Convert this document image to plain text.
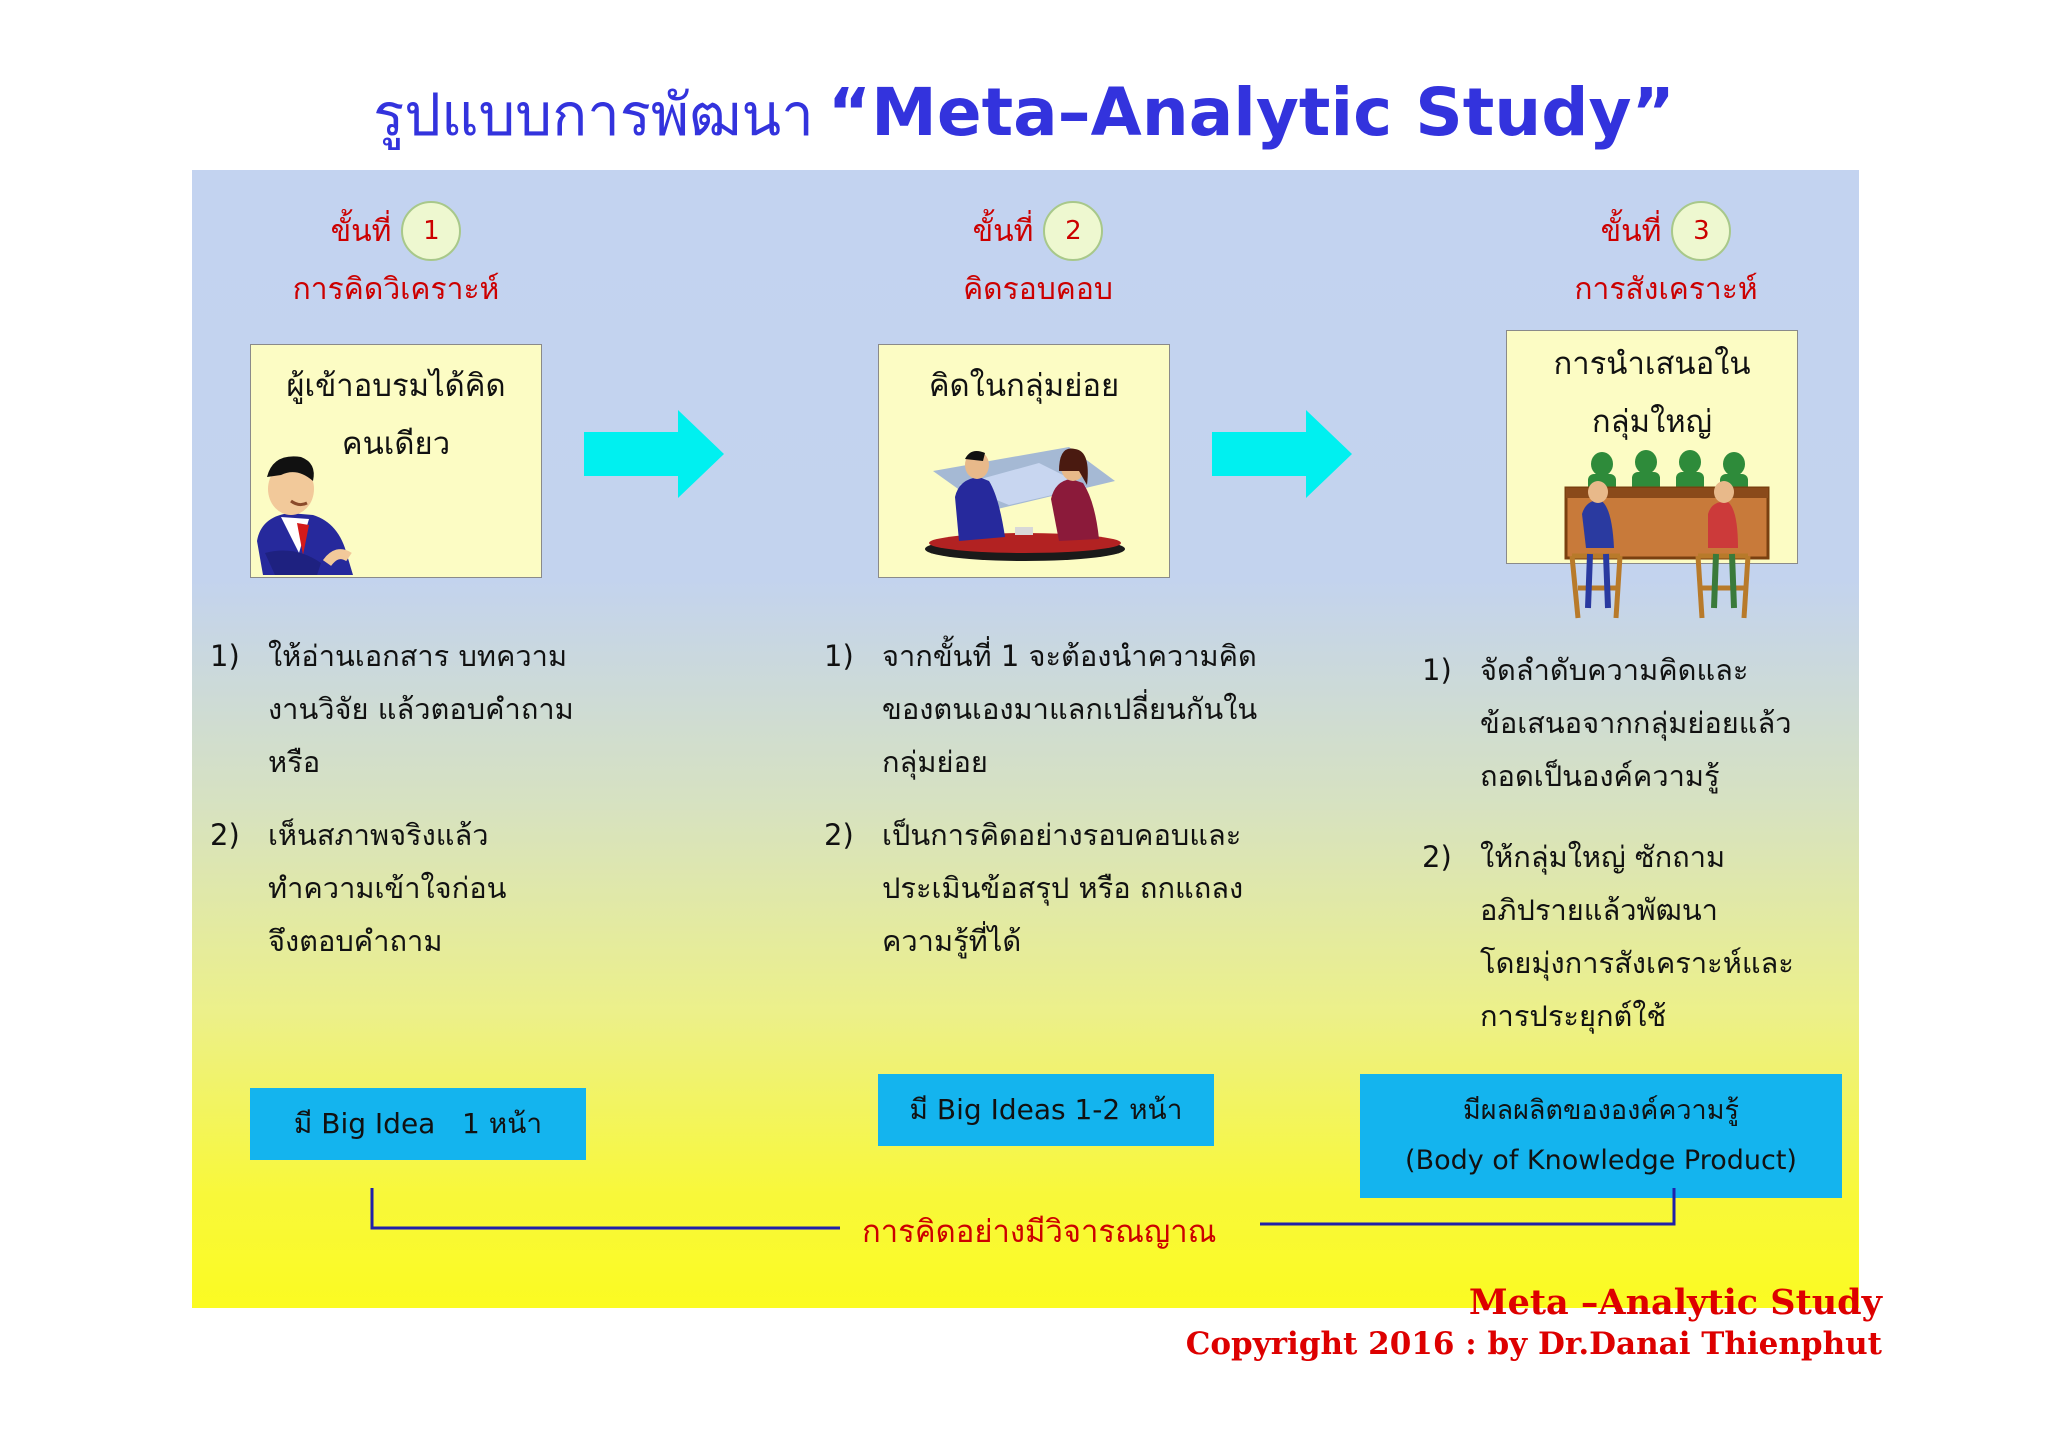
รูปแบบการพัฒนา “Meta–Analytic Study”
ขั้นที่	1
การคิดวิเคราะห์
ผู้เข้าอบรมได้คิด
คนเดียว
1) ให้อ่านเอกสาร บทความ
งานวิจัย แล้วตอบคำถาม
หรือ
2) เห็นสภาพจริงแล้ว
ทำความเข้าใจก่อน
จึงตอบคำถาม
มี Big Idea   1 หน้า
ขั้นที่	2
คิดรอบคอบ
คิดในกลุ่มย่อย
1) จากขั้นที่ 1 จะต้องนำความคิด
ของตนเองมาแลกเปลี่ยนกันใน
กลุ่มย่อย
2) เป็นการคิดอย่างรอบคอบและ
ประเมินข้อสรุป หรือ ถกแถลง
ความรู้ที่ได้
มี Big Ideas 1-2 หน้า
ขั้นที่	3
การสังเคราะห์
การนำเสนอใน
กลุ่มใหญ่
1) จัดลำดับความคิดและ
ข้อเสนอจากกลุ่มย่อยแล้ว
ถอดเป็นองค์ความรู้
2) ให้กลุ่มใหญ่ ซักถาม
อภิปรายแล้วพัฒนา
โดยมุ่งการสังเคราะห์และ
การประยุกต์ใช้
มีผลผลิตขององค์ความรู้
(Body of Knowledge Product)
การคิดอย่างมีวิจารณญาณ
Meta –Analytic Study
Copyright 2016 : by Dr.Danai Thienphut
